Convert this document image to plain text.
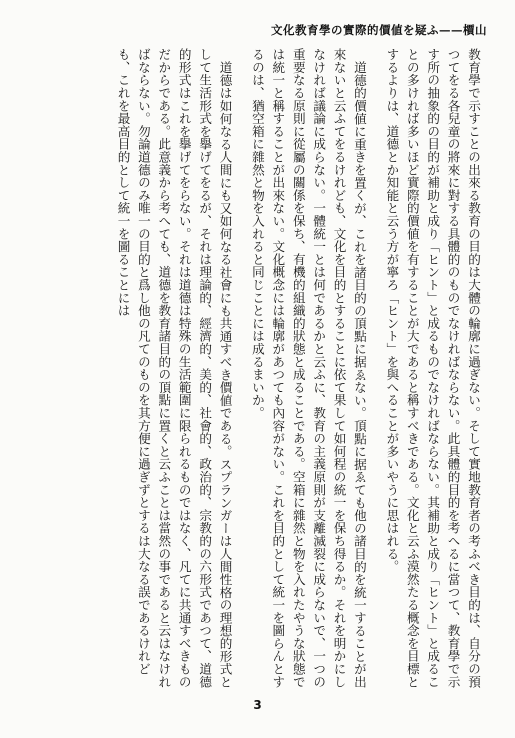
文化教育學の實際的價値を疑ふ——檟山

教育學で示すことの出來る教育の目的は大體の輪廓に過ぎない。そして實地教育者の考ふべき目的は、自分の預つてをる各兒童の將來に對する具體的のものでなければならない。此具體的目的を考へるに當つて、教育學で示す所の抽象的の目的が補助と成り「ヒント」と成るものでなければならない。其補助と成り「ヒント」と成ることの多ければ多いほど實際的價値を有することが大であると稱すべきである。文化と云ふ漠然たる概念を目標とするよりは、道德とか知能と云う方が寧ろ「ヒント」を與へることが多いやうに思はれる。

道德的價値に重きを置くが、これを諸目的の頂點に据ゑない。頂點に据ゑても他の諸目的を統一することが出來ないと云ふてをるけれども、文化を目的とすることに依て果して如何程の統一を保ち得るか。それを明かにしなければ議論に成らない。一體統一とは何であるかと云ふに、教育の主義原則が支離滅裂に成らないで、一つの重要なる原則に從屬の關係を保ち、有機的組織的狀態と成ることである。空箱に雜然と物を入れたやうな狀態では統一と稱することが出來ない。文化概念には輪廓があつても內容がない。これを目的として統一を圖らんとするのは、猶空箱に雜然と物を入れると同じことには成るまいか。

道德は如何なる人間にも又如何なる社會にも共通すべき價値である。スプランガーは人間性格の理想的形式として生活形式を擧げてをるが、それは理論的、經濟的、美的、社會的、政治的、宗教的の六形式であつて、道德的形式はこれを擧げてをらない。それは道德は特殊の生活範圍に限られるものではなく、凡てに共通すべきものだからである。此意義から考へても、道德を教育諸目的の頂點に置くと云ふことは當然の事であると云はなければならない。勿論道德のみ唯一の目的と爲し他の凡てのものを其方便に過ぎずとするは大なる誤であるけれども、これを最高目的として統一を圖ることには

3
